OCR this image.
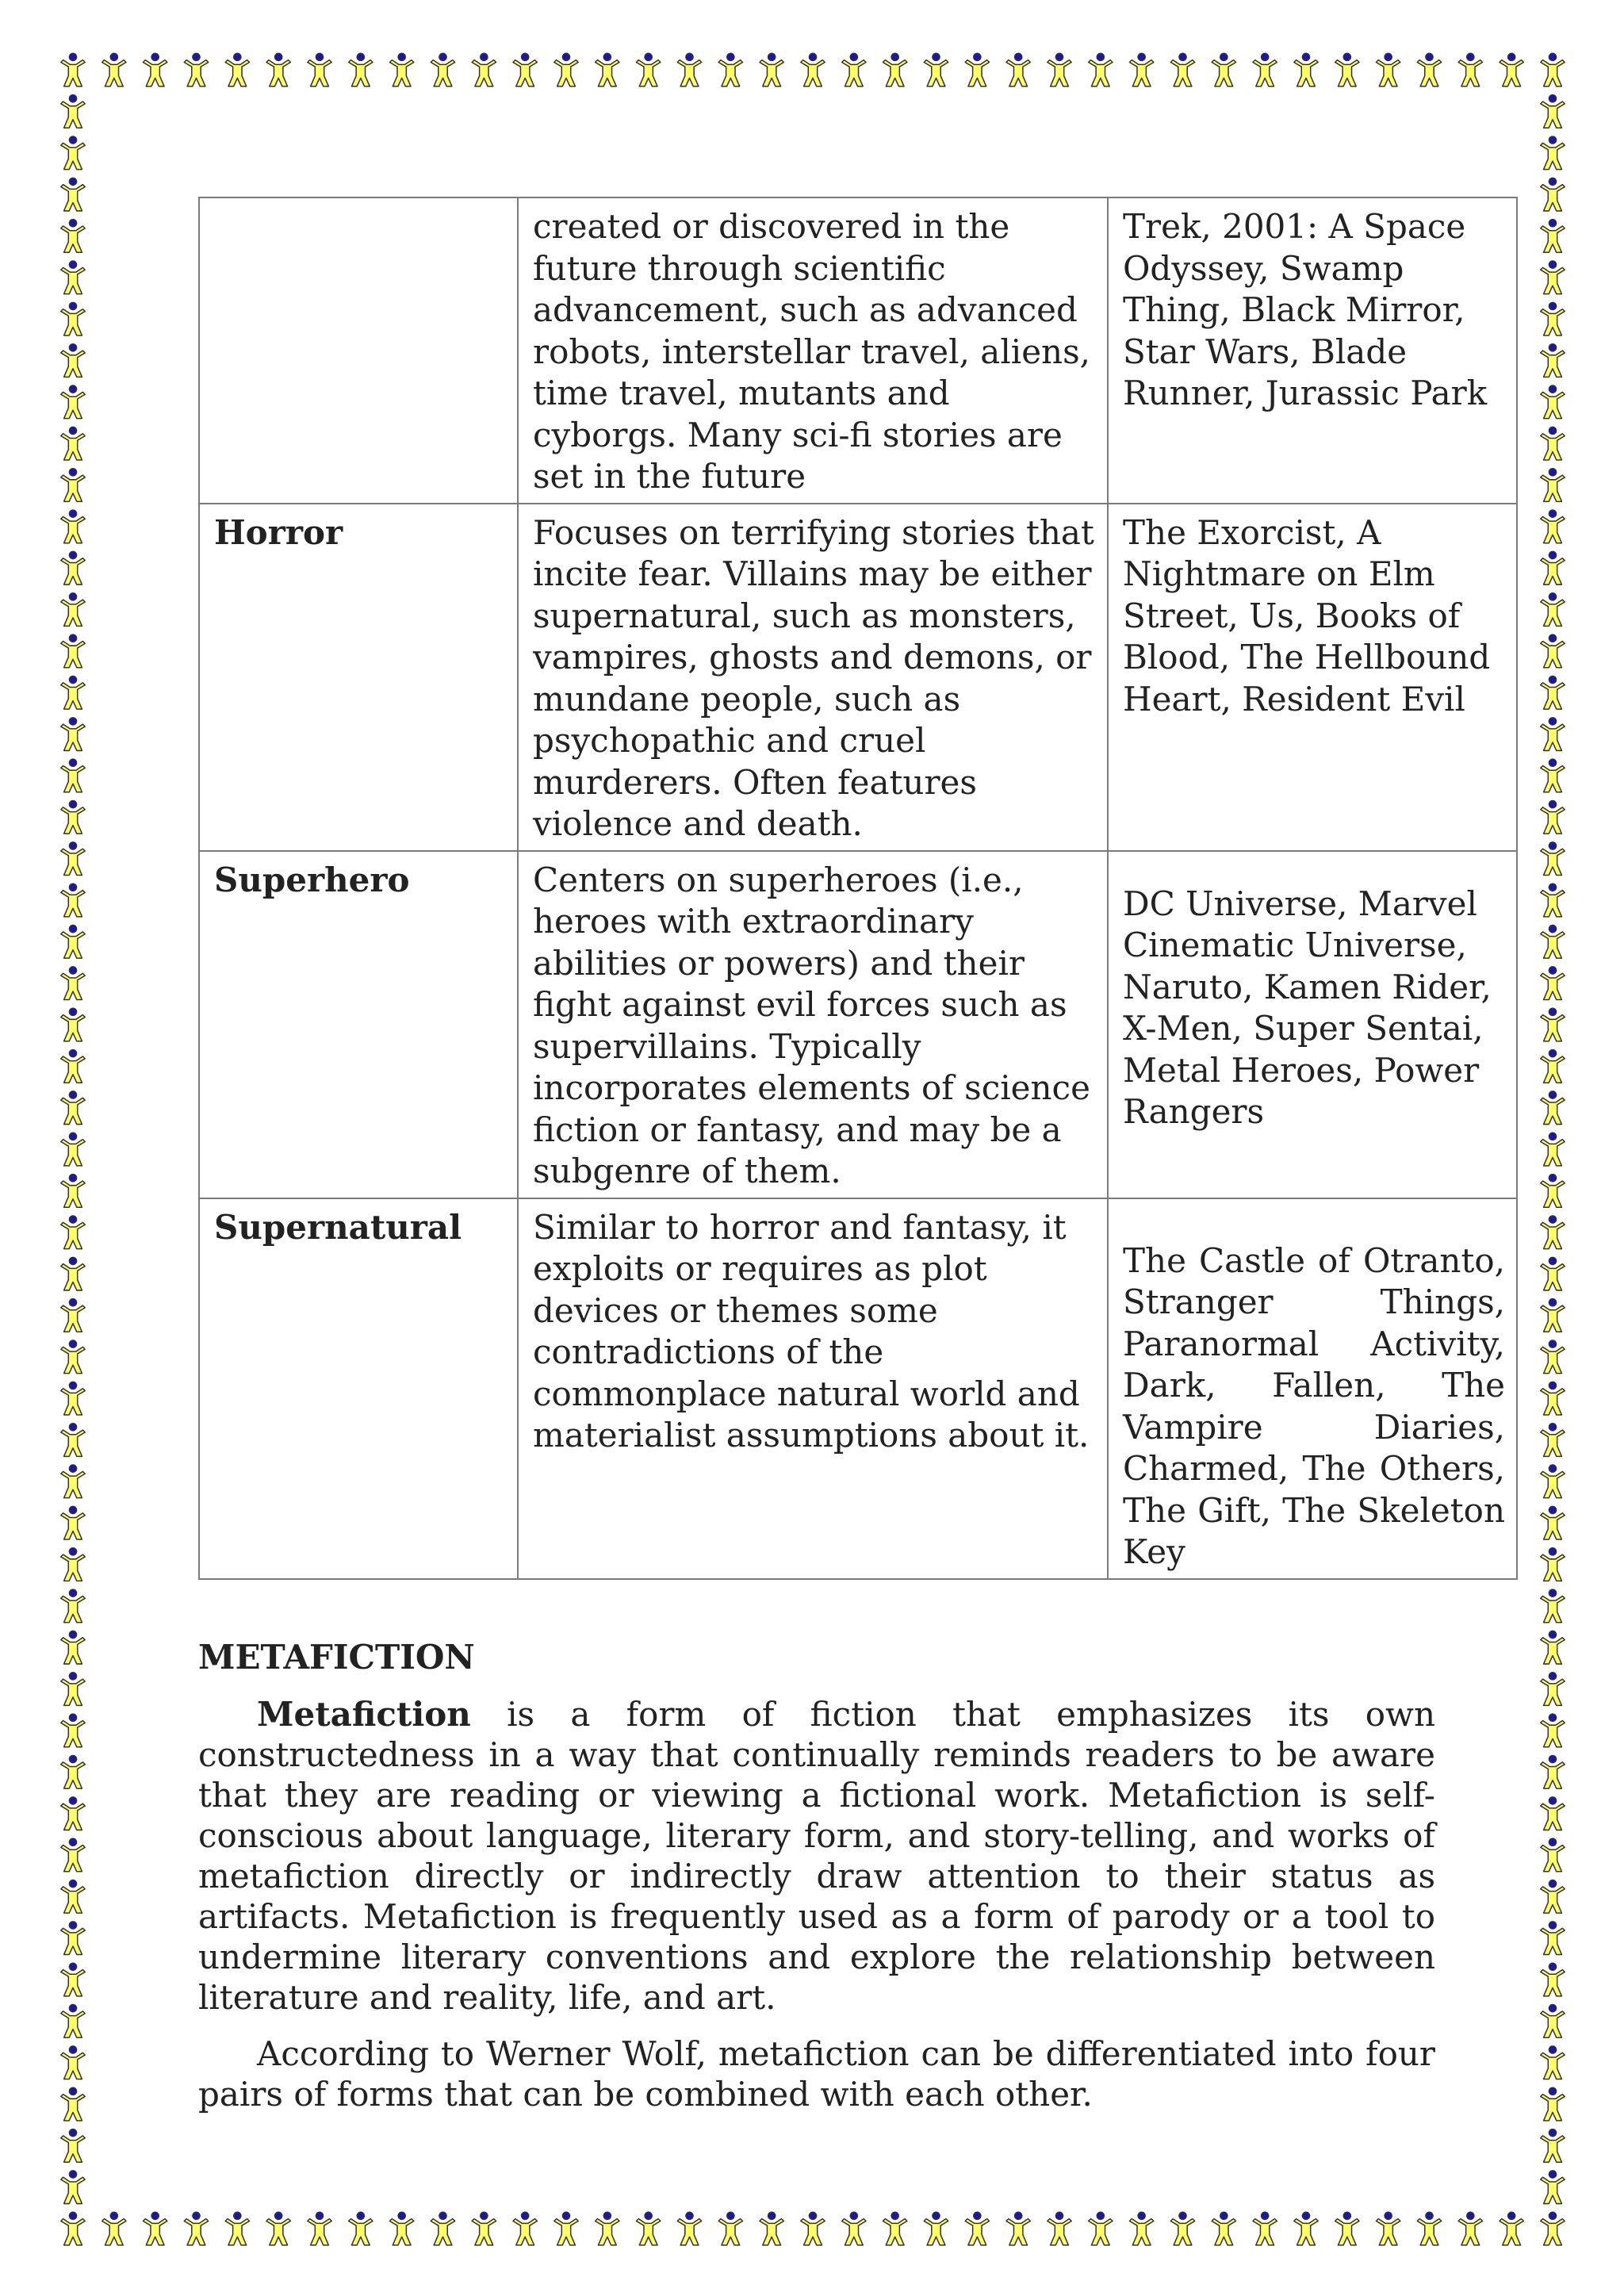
	created or discovered in the future through scientific advancement, such as advanced robots, interstellar travel, aliens, time travel, mutants and cyborgs. Many sci-fi stories are set in the future	Trek, 2001: A Space Odyssey, Swamp Thing, Black Mirror, Star Wars, Blade Runner, Jurassic Park
Horror	Focuses on terrifying stories that incite fear. Villains may be either supernatural, such as monsters, vampires, ghosts and demons, or mundane people, such as psychopathic and cruel murderers. Often features violence and death.	The Exorcist, A Nightmare on Elm Street, Us, Books of Blood, The Hellbound Heart, Resident Evil
Superhero	Centers on superheroes (i.e., heroes with extraordinary abilities or powers) and their fight against evil forces such as supervillains. Typically incorporates elements of science fiction or fantasy, and may be a subgenre of them.	DC Universe, Marvel Cinematic Universe, Naruto, Kamen Rider, X-Men, Super Sentai, Metal Heroes, Power Rangers
Supernatural	Similar to horror and fantasy, it exploits or requires as plot devices or themes some contradictions of the commonplace natural world and materialist assumptions about it.	The Castle of Otranto, Stranger Things, Paranormal Activity, Dark, Fallen, The Vampire Diaries, Charmed, The Others, The Gift, The Skeleton Key
METAFICTION

Metafiction is a form of fiction that emphasizes its own constructedness in a way that continually reminds readers to be aware that they are reading or viewing a fictional work. Metafiction is self-conscious about language, literary form, and story-telling, and works of metafiction directly or indirectly draw attention to their status as artifacts. Metafiction is frequently used as a form of parody or a tool to undermine literary conventions and explore the relationship between literature and reality, life, and art.

According to Werner Wolf, metafiction can be differentiated into four pairs of forms that can be combined with each other.
